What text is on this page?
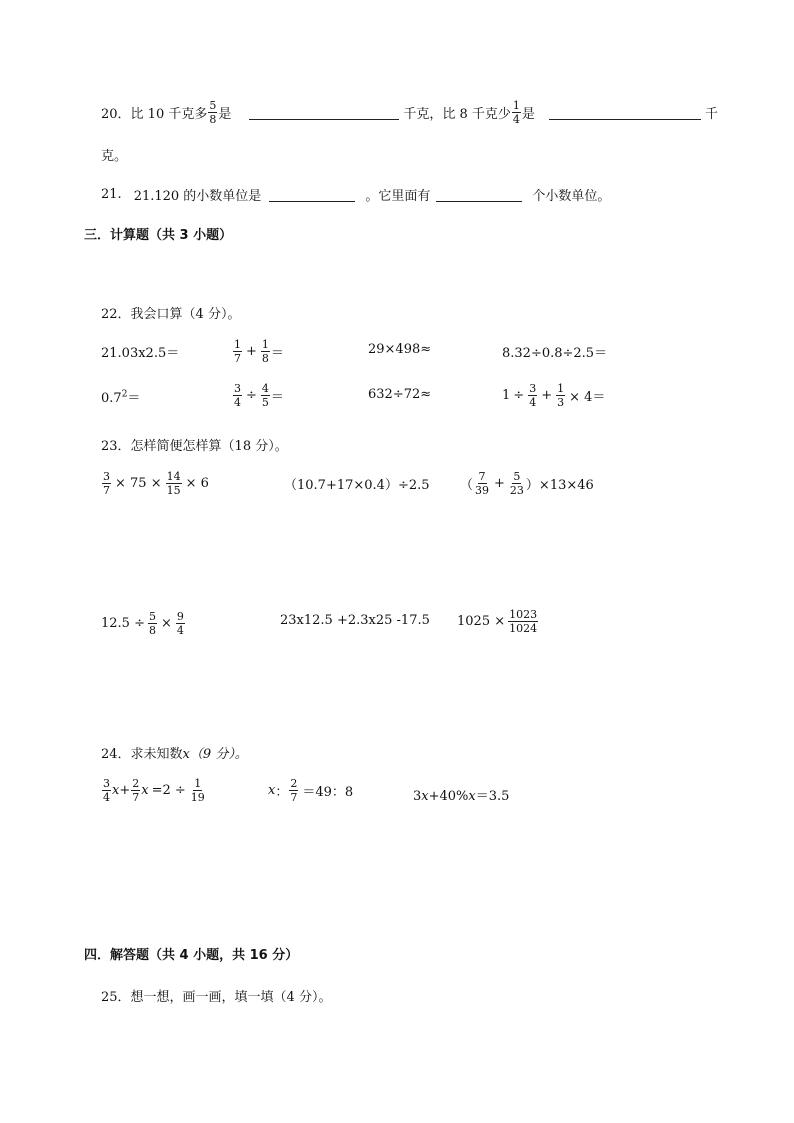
20． 比 10 千克多 $\frac{5}{8}$ 是	千克，比 8 千克少 $\frac{1}{4}$ 是	千
克。
21. 21.120 的小数单位是	。它里面有	个小数单位。
三．计算题（共 3 小题）
22．我会口算（4 分）。
21.03x2.5＝	$\frac{1}{7} + \frac{1}{8}$ ＝	29×498≈	8.32÷0.8÷2.5＝
$0.7^2=$	$\frac{3}{4} \div \frac{4}{5}$ ＝	632÷72≈	$1 \div \frac{3}{4} + \frac{1}{3} \times 4=$
23．怎样简便怎样算（18 分）。
$\frac{3}{7} \times 75 \times \frac{14}{15} \times 6$	（10.7+17×0.4）÷2.5 （ $\frac{7}{39} + \frac{5}{23} )\times 13\times 46$
$12.5 \div \frac{5}{8} \times \frac{9}{4}$	23x12.5 +2.3x25 -17.5 $1025 \times \frac{1023}{1024}$
24．求未知数x（9 分）。
$\frac{3}{4}$ $x + \frac{2}{7}$ $x =2 \div \frac{1}{19}$	x ： $\frac{2}{7} =49$：8	3x+40%x＝3.5
四．解答题（共 4 小题，共 16 分）
25．想一想，画一画，填一填（4 分）。
